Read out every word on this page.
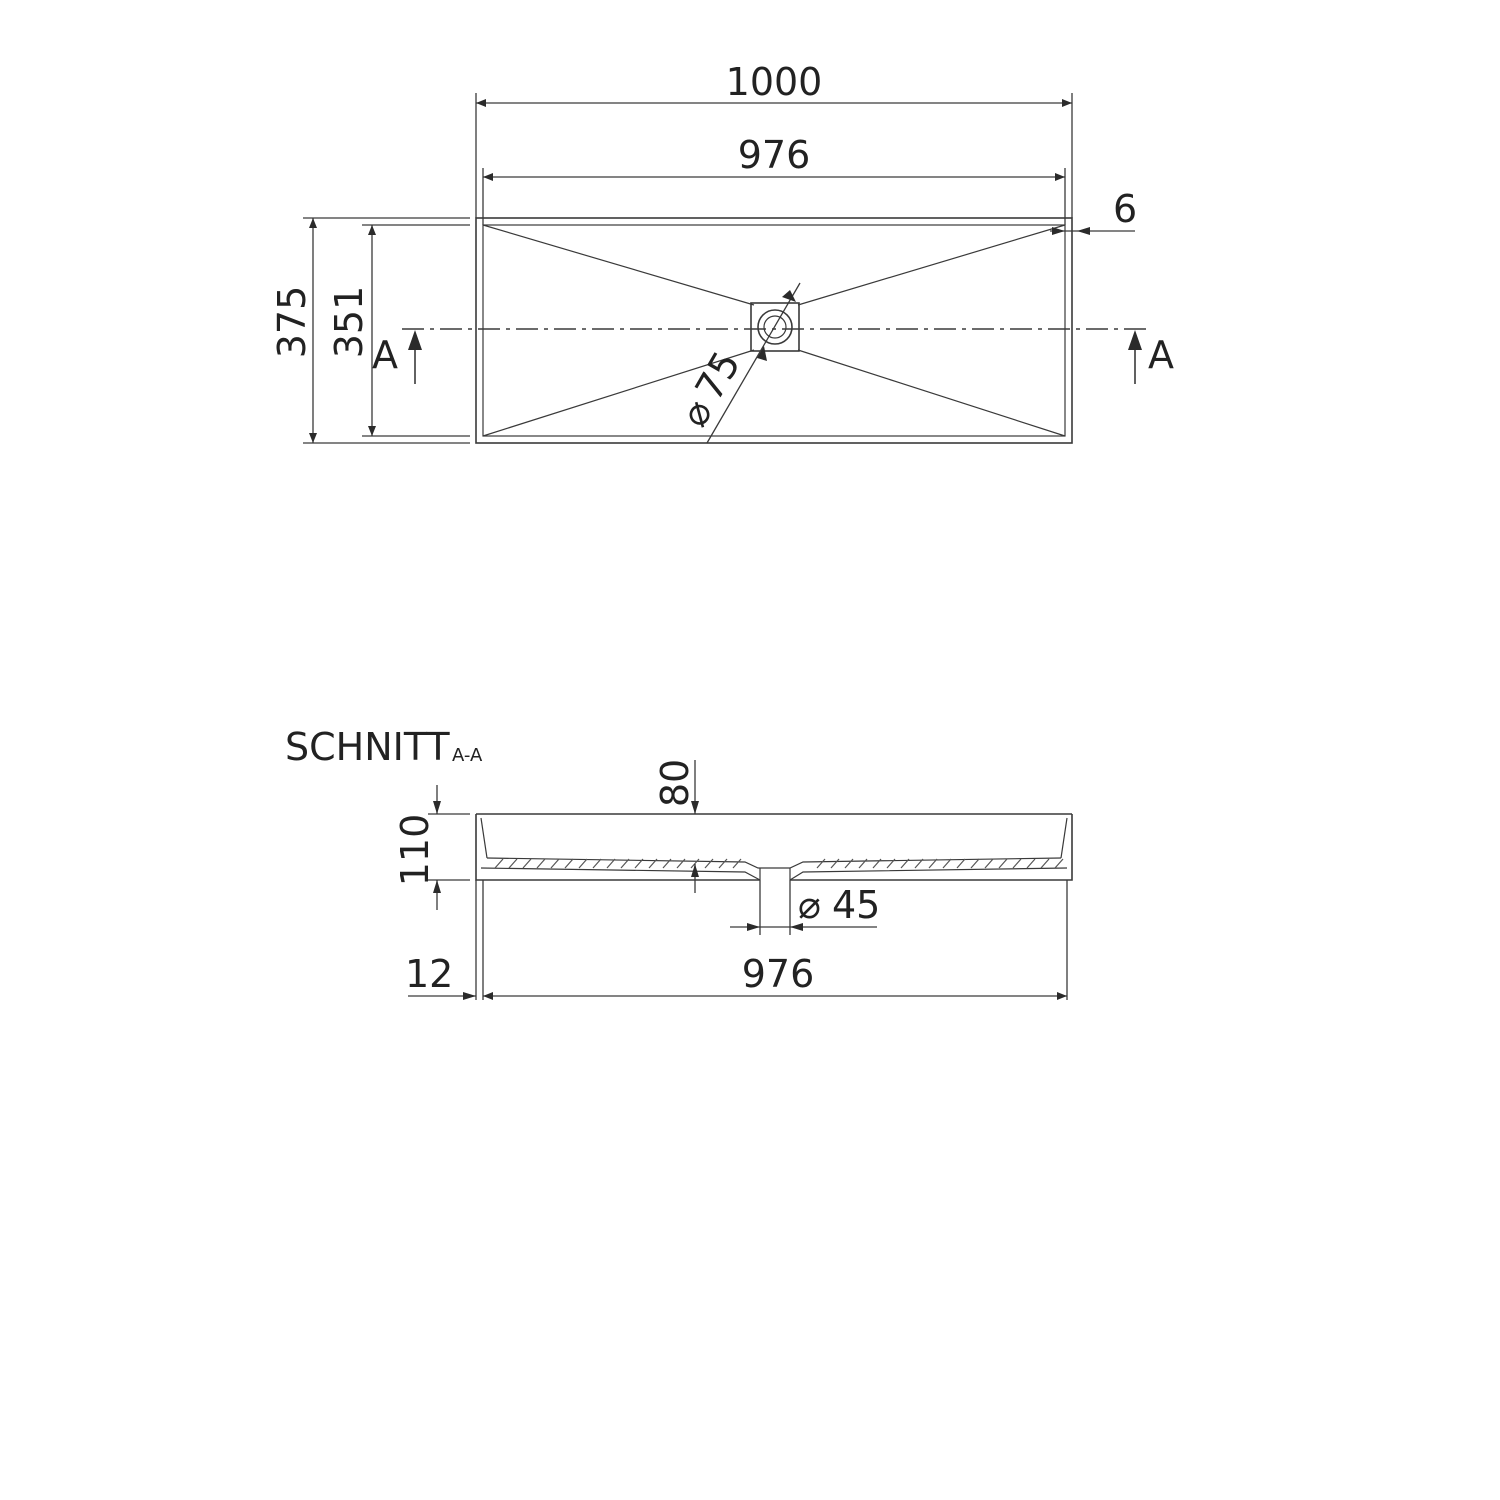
A	A
1000
976
6
375 351
⌀
75
SCHNITT A-A
110
80
⌀ 45
12	976
